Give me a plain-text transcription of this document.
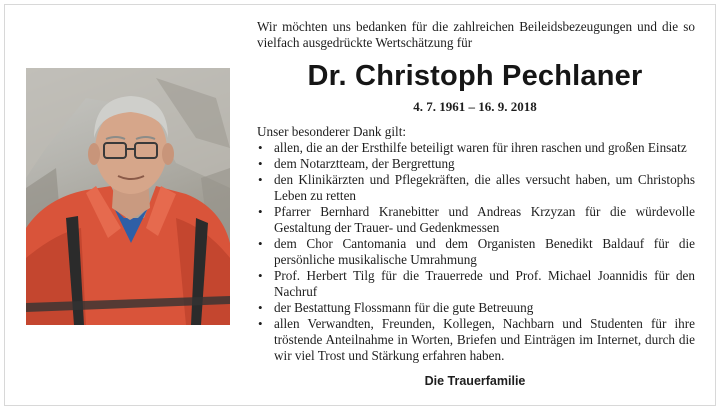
Wir möchten uns bedanken für die zahlreichen Beileidsbezeugungen und die so vielfach ausgedrückte Wertschätzung für

Dr. Christoph Pechlaner
4. 7. 1961 – 16. 9. 2018

Unser besonderer Dank gilt:

• allen, die an der Ersthilfe beteiligt waren für ihren raschen und großen Einsatz
• dem Notarztteam, der Bergrettung
• den Klinikärzten und Pflegekräften, die alles versucht haben, um Christophs Leben zu retten
• Pfarrer Bernhard Kranebitter und Andreas Krzyzan für die würdevolle Gestaltung der Trauer- und Gedenkmessen
• dem Chor Cantomania und dem Organisten Benedikt Baldauf für die persönliche musikalische Umrahmung
• Prof. Herbert Tilg für die Trauerrede und Prof. Michael Joannidis für den Nachruf
• der Bestattung Flossmann für die gute Betreuung
• allen Verwandten, Freunden, Kollegen, Nachbarn und Studenten für ihre tröstende Anteilnahme in Worten, Briefen und Einträgen im Internet, durch die wir viel Trost und Stärkung erfahren haben.
Die Trauerfamilie
